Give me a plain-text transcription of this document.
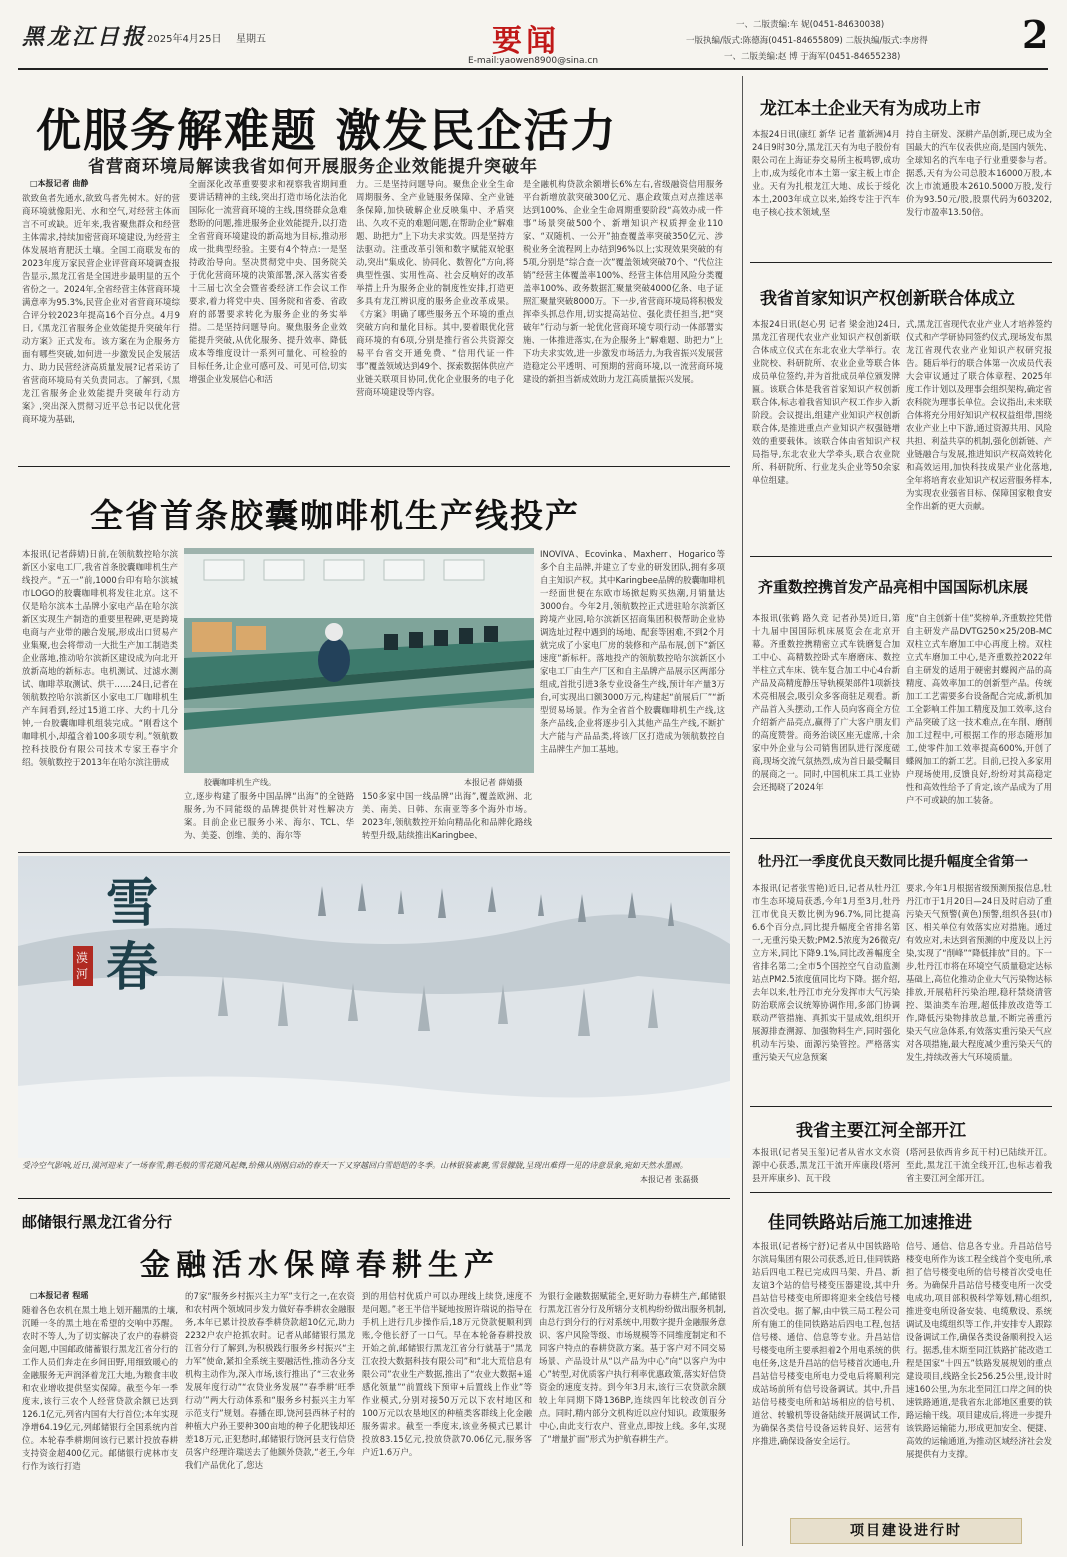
黑龙江日报 2025年4月25日 星期五	要闻
E-mail:yaowen8900@sina.cn
一、二版责编:车 妮(0451-84630038)
一版执编/版式:陈德海(0451-84655809) 二版执编/版式:李房得
一、二版美编:赵 博 于海军(0451-84655238)	2
优服务解难题 激发民企活力
省营商环境局解读我省如何开展服务企业效能提升突破年
□本报记者 曲静
欲致鱼者先通水,欲致鸟者先树木。好的营商环境就像阳光、水和空气,对经营主体而言不可或缺。近年来,我省聚焦群众和经营主体需求,持续加密营商环境建设,为经营主体发展培育肥沃土壤。全国工商联发布的2023年度万家民营企业评营商环境调查报告显示,黑龙江省是全国进步最明显的五个省份之一。2024年,全省经营主体营商环境满意率为95.3%,民营企业对省营商环境综合评分较2023年提高16个百分点。4月9日,《黑龙江省服务企业效能提升突破年行动方案》正式发布。该方案在为企服务方面有哪些突破,如何进一步激发民企发展活力、助力民营经济高质量发展?记者采访了省营商环境局有关负责同志。了解到,《黑龙江省服务企业效能提升突破年行动方案》,突出深入贯彻习近平总书记以优化营商环境为基础,
全面深化改革重要要求和视察我省期间重要讲话精神的主线,突出打造市场化法治化国际化一流营商环境的主线,围绕群众急难愁盼的问题,推进服务企业效能提升,以打造全省营商环境建设的新高地为目标,推动形成一批典型经验。主要有4个特点:一是坚持政治导向。坚决贯彻党中央、国务院关于优化营商环境的决策部署,深入落实省委十三届七次全会暨省委经济工作会议工作要求,着力将党中央、国务院和省委、省政府的部署要求转化为服务企业的务实举措。二是坚持问题导向。聚焦服务企业效能提升突破,从优化服务、提升效率、降低成本等维度设计一系列可量化、可检验的目标任务,让企业可感可及、可见可信,切实增强企业发展信心和活
力。三是坚持问题导向。聚焦企业全生命周期服务、全产业链服务保障、全产业链条保障,加快破解企业反映集中、矛盾突出、久攻不克的难题问题,在帮助企业“解难题、助把力”上下功夫求实效。四是坚持方法驱动。注重改革引领和数字赋能双轮驱动,突出“集成化、协同化、数智化”方向,将典型性强、实用性高、社会反响好的改革举措上升为服务企业的制度性安排,打造更多具有龙江辨识度的服务企业改革成果。《方案》明确了哪些服务五个环境的重点突破方向和量化目标。其中,要着眼优化营商环境的有6项,分别是推行省公共资源交易平台省交开通免费、“信用代证一件事”覆盖领域达到49个、探索数据体供应产业链关联项目协同,优化企业服务的电子化营商环境建设等内容。
是全融机构贷款余额增长6%左右,省级融资信用服务平台新增放款突破300亿元、惠企政策点对点推送率达到100%、企业全生命周期重要阶段“高效办成一件事”场景突破500个、新增知识产权质押金业110家、“双随机、一公开”抽查覆盖率突破350亿元、涉税业务全流程网上办结到96%以上;实现效果突破的有5项,分别是“综合查一次”覆盖领域突破70个、“代位注销”经营主体覆盖率100%、经营主体信用风险分类覆盖率100%、政务数据汇聚量突破4000亿条、电子证照汇聚量突破8000万。下一步,省营商环境局将积极发挥牵头抓总作用,切实提高站位、强化责任担当,把“突破年”行动与新一轮优化营商环境专项行动一体部署实施、一体推进落实,在为企服务上“解难题、助把力”上下功夫求实效,进一步激发市场活力,为我省振兴发展营造稳定公平透明、可预期的营商环境,以一流营商环境建设的新担当新成效助力龙江高质量振兴发展。
全省首条胶囊咖啡机生产线投产
本报讯(记者薛婧)日前,在领航数控哈尔滨新区小家电工厂,我省首条胶囊咖啡机生产线投产。“五一”前,1000台印有哈尔滨城市LOGO的胶囊咖啡机将发往北京。这不仅是哈尔滨本土品牌小家电产品在哈尔滨新区实现生产制造的重要里程碑,更是跨境电商与产业带的融合发展,形成出口贸易产业集聚,也会将带动一大批生产加工制造类企业落地,推动哈尔滨新区建设成为向北开放新高地的新标志。电机测试、过滤水测试、咖啡萃取测试、烘干……24日,记者在领航数控哈尔滨新区小家电工厂咖啡机生产车间看到,经过15道工序、大约十几分钟,一台胶囊咖啡机组装完成。“刚看这个咖啡机小,却蕴含着100多项专利。”领航数控科技股份有限公司技术专家王春宇介绍。领航数控于2013年在哈尔滨注册成
胶囊咖啡机生产线。	本报记者 薛婧摄
立,逐步构建了服务中国品牌“出海”的全链路服务,为不同能级的品牌提供针对性解决方案。目前企业已服务小米、海尔、TCL、华为、美菱、创维、美的、海尔等
150多家中国一线品牌“出海”,覆盖欧洲、北美、南美、日韩、东南亚等多个海外市场。2023年,领航数控开始向精品化和品牌化路线转型升级,陆续推出Karingbee、
INOVIVA、Ecovinka、Maxherr、Hogarico等多个自主品牌,并建立了专业的研发团队,拥有多项自主知识产权。其中Karingbee品牌的胶囊咖啡机一经面世便在东欧市场掀起购买热潮,月销量达3000台。今年2月,领航数控正式进驻哈尔滨新区跨境产业园,哈尔滨新区招商集团积极帮助企业协调选址过程中遇到的场地、配套等困难,不到2个月就完成了小家电厂房的装修和产品布展,创下“新区速度”新标杆。落地投产的领航数控哈尔滨新区小家电工厂由生产厂区和自主品牌产品展示区两部分组成,首批引进3条专业设备生产线,预计年产量3万台,可实现出口额3000万元,构建起“前展后厂”“新型贸易场景。作为全省首个胶囊咖啡机生产线,这条产品线,企业将逐步引入其他产品生产线,不断扩大产能与产品品类,将该厂区打造成为领航数控自主品牌生产加工基地。
雪春
漠河
受冷空气影响,近日,漠河迎来了一场春雪,鹅毛般的雪花随风起舞,给佛从刚刚启动的春天一下又穿越回白雪皑皑的冬季。山林银装素裹,雪景朦胧,呈现出难得一见的诗意景象,宛如天然水墨画。
本报记者 张磊摄
邮储银行黑龙江省分行
金融活水保障春耕生产
□本报记者 程瑶
随着各色农机在黑土地上划开翻黑的土壤,沉睡一冬的黑土地在希望的交响中苏醒。农时不等人,为了切实解决了农户的春耕资金问题,中国邮政储蓄银行黑龙江省分行的工作人员们奔走在乡间田野,用细致暖心的金融服务无声润泽着龙江大地,为粮食丰收和农业增收提供坚实保障。截至今年一季度末,该行三农个人经营贷款余额已达到126.1亿元,列省内国有大行首位;本年实现净增64.19亿元,列邮储银行全国系统内首位。本轮春季耕期间该行已累计投放春耕支持资金超400亿元。邮储银行虎林市支行作为该行打造
的7家“服务乡村振兴主力军”支行之一,在农资和农村两个领域同步发力做好春季耕农金融服务,本年已累计投放春季耕贷款超10亿元,助力2232户农户抢抓农时。记者从邮储银行黑龙江省分行了解到,为积极践行服务乡村振兴“主力军”使命,紧扣全系统主要融活性,推动各分支机构主动作为,深入市场,该行推出了“三农业务发展年度行动”“农贷业务发展”“春季耕‘旺季行动’”两大行动体系和“服务乡村振兴主力军示范支行”规划。春播在即,饶河县西林子村的种植大户孙王要种300亩地的种子化肥钱却还差18万元,正犯愁时,邮储银行饶河县支行信贷员客户经理许瑞送去了他额外贷款,“老王,今年我们产品优化了,您达
到的用信村优质户可以办理线上续贷,速度不是问题。”老王半信半疑地按照许瑞说的指导在手机上进行几步操作后,18万元贷款便顺利到账,令他长舒了一口气。早在本轮备春耕投放开始之前,邮储银行黑龙江省分行就基于“黑龙江农投大数据科技有限公司”和“北大荒信息有限公司”农业生产数据,推出了“农业大数据+遥感化领量”“前置线下预审+后置线上作业”等作业模式,分别对接50万元以下农村地区和100万元以农垦地区的种植类客群线上化金融服务需求。截至一季度末,该业务模式已累计投放83.15亿元,投放贷款70.06亿元,服务客户近1.6万户。
为银行金融数据赋能全,更好助力春耕生产,邮储银行黑龙江省分行及所辖分支机构纷纷做出服务机制,由总行到分行的行对系统中,用数字提升金融服务意识、客户风险等级、市场规模等不同维度制定和不同客户特点的春耕贷款方案。基于客户对不同交易场景、产品设计从“以产品为中心”向“以客户为中心”转型,对优质客户执行利率优惠政策,落实好信贷资金的速度支持。到今年3月末,该行三农贷款余额较上年同期下降136BP,连续四年比较改创百分点。同时,精内部分文机构近以应付知识。政策服务中心,由此支行农户、营业点,即按上线。多年,实现了“增量扩面”形式为护航春耕生产。
龙江本土企业天有为成功上市
本报24日讯(康红 新华 记者 董新洲)4月24日9时30分,黑龙江天有为电子股份有限公司在上海证券交易所主板鸣锣,成功上市,成为绥化市本土第一家主板上市企业。天有为扎根龙江大地、成长于绥化本土,2003年成立以来,始终专注于汽车电子核心技术领域,坚
持自主研发、深耕产品创新,现已成为全国最大的汽车仪表供应商,是国内领先、全球知名的汽车电子行业重要参与者。据悉,天有为公司总股本16000万股,本次上市流通股本2610.5000万股,发行价为93.50元/股,股票代码为603202,发行市盈率13.50倍。
我省首家知识产权创新联合体成立
本报24日讯(赵心男 记者 梁金池)24日,黑龙江省现代农业产业知识产权创新联合体成立仪式在东北农业大学举行。农业院校、科研院所、农业企业等联合体成员单位签约,并为首批成员单位颁发牌匾。该联合体是我省首家知识产权创新联合体,标志着我省知识产权工作步入新阶段。会议提出,组建产业知识产权创新联合体,是推进重点产业知识产权强链增效的重要载体。该联合体由省知识产权局指导,东北农业大学牵头,联合农业院所、科研院所、行业龙头企业等50余家单位组建。
式,黑龙江省现代农业产业人才培养签约仪式和产学研协同签约仪式,现场发布黑龙江省现代农业产业知识产权研究报告。随后举行的联合体第一次成员代表大会审议通过了联合体章程、2025年度工作计划以及理事会组织架构,确定省农科院为理事长单位。会议指出,未来联合体将充分用好知识产权权益组带,围绕农业产业上中下游,通过资源共用、风险共担、利益共享的机制,强化创新链、产业链融合与发展,推进知识产权高效转化和高效运用,加快科技成果产业化落地,全年将培育农业知识产权运营服务样本,为实现农业强省目标、保障国家粮食安全作出新的更大贡献。
齐重数控携首发产品亮相中国国际机床展
本报讯(张鹤 路久竞 记者孙昊)近日,第十九届中国国际机床展览会在北京开幕。齐重数控携精密立式车铣磨复合加工中心、高精数控卧式车磨磨床、数控半柱立式车床、铣车复合加工中心4台新产品及高精度静压导轨模架部件1项新技术亮相展会,吸引众多客商驻足观看。新产品首入头摆动,工作人员向客商全方位介绍新产品亮点,赢得了广大客户朋友们的高度赞誉。商务治谈区座无虚席,十余家中外企业与公司销售团队进行深度磋商,现场交流气氛热烈,成为首日最受瞩目的展商之一。同时,中国机床工具工业协会还揭晓了2024年
度“自主创新十佳”奖榜单,齐重数控凭借自主研发产品DVTG250×25/20B-MC双柱立式车磨加工中心再度上榜。双柱立式车磨加工中心,是齐重数控2022年自主研发的适用于硬密封蝶阀产品的高精度、高效率加工的创新型产品。传统加工工艺需要多台设备配合完成,新机加工全影响工件加工精度及加工效率,这台产品突破了这一技术难点,在车削、磨削加工过程中,可根据工作的形态随形加工,使零件加工效率提高600%,开创了蝶阀加工的新工艺。目前,已投入多家用户现场使用,反馈良好,纷纷对其高稳定性和高效性给予了肯定,该产品成为了用户不可或缺的加工装备。
牡丹江一季度优良天数同比提升幅度全省第一
本报讯(记者张雪艳)近日,记者从牡丹江市生态环境局获悉,今年1月至3月,牡丹江市优良天数比例为96.7%,同比提高6.6个百分点,同比提升幅度全省排名第一,无重污染天数;PM2.5浓度为26微克/立方米,同比下降9.1%,同比改善幅度全省排名第二;全市5个国控空气自动监测站点PM2.5浓度值同比均下降。据介绍,去年以来,牡丹江市充分发挥市大气污染防治联席会议统筹协调作用,多部门协调联动严管措施、真抓实干显成效,组织开展源排查溯源、加强物料生产,同时强化机动车污染、面源污染管控。严格落实重污染天气应急预案
要求,今年1月根据省级预测预报信息,牡丹江市于1月20日—24日及时启动了重污染天气预警(黄色)预警,组织各县(市)区、相关单位有效落实应对措施。通过有效应对,未达到省预测的中度及以上污染,实现了“削峰”“降低排放”目的。下一步,牡丹江市将在环境空气质量稳定达标基础上,高位化推动企业大气污染物达标排放,开展秸秆污染治理,稳秆禁烧清管控、渠油类车治理,超低排放改造等工作,降低污染物排放总量,不断完善重污染天气应急体系,有效落实重污染天气应对各项措施,最大程度减少重污染天气的发生,持续改善大气环境质量。
我省主要江河全部开江
本报讯(记者吴玉玺)记者从省水文水资源中心获悉,黑龙江干流开库康段(塔河县开库康乡)、瓦干段
(塔河县依西肯乡瓦干村)已陆续开江。至此,黑龙江干流全线开江,也标志着我省主要江河全部开江。
佳同铁路站后施工加速推进
本报讯(记者杨宁舒)记者从中国铁路哈尔滨局集团有限公司获悉,近日,佳同铁路站后四电工程已完成四马架、升昌、新友谊3个站的信号楼变压器建设,其中升昌站信号楼变电所即将迎来全线信号楼首次受电。据了解,由中铁三局工程公司所有施工的佳同铁路站后四电工程,包括信号楼、通信、信息等专业。升昌站信号楼变电所主要承担着2个用电系统的供电任务,这是升昌站的信号楼首次通电,升昌站信号楼变电所电力受电后将顺利完成站场前所有信号设备调试。其中,升昌站信号楼变电所和站场相应的信号机、道岔、转辙机等设备陆续开展调试工作,为确保各类信号设备运转良好、运营有序推进,确保设备安全运行。
信号、通信、信息各专业。升昌站信号楼变电所作为该工程全线首个变电所,承担了信号楼变电所的信号楼首次受电任务。为确保升昌站信号楼变电所一次受电成功,项目部积极科学筹划,精心组织,推进变电所设备安装、电缆敷设、系统调试及电缆组织等工作,并安排专人跟踪设备调试工作,确保各类设备顺利投入运行。据悉,佳木斯至同江铁路扩能改造工程是国家“十四五”铁路发展规划的重点建设项目,线路全长256.25公里,设计时速160公里,为东北至同江口岸之间的快速铁路通道,是我省东北部地区重要的铁路运输干线。项目建成后,将进一步提升该铁路运输能力,形成更加安全、便捷、高效的运输通道,为推动区域经济社会发展提供有力支撑。
项目建设进行时
